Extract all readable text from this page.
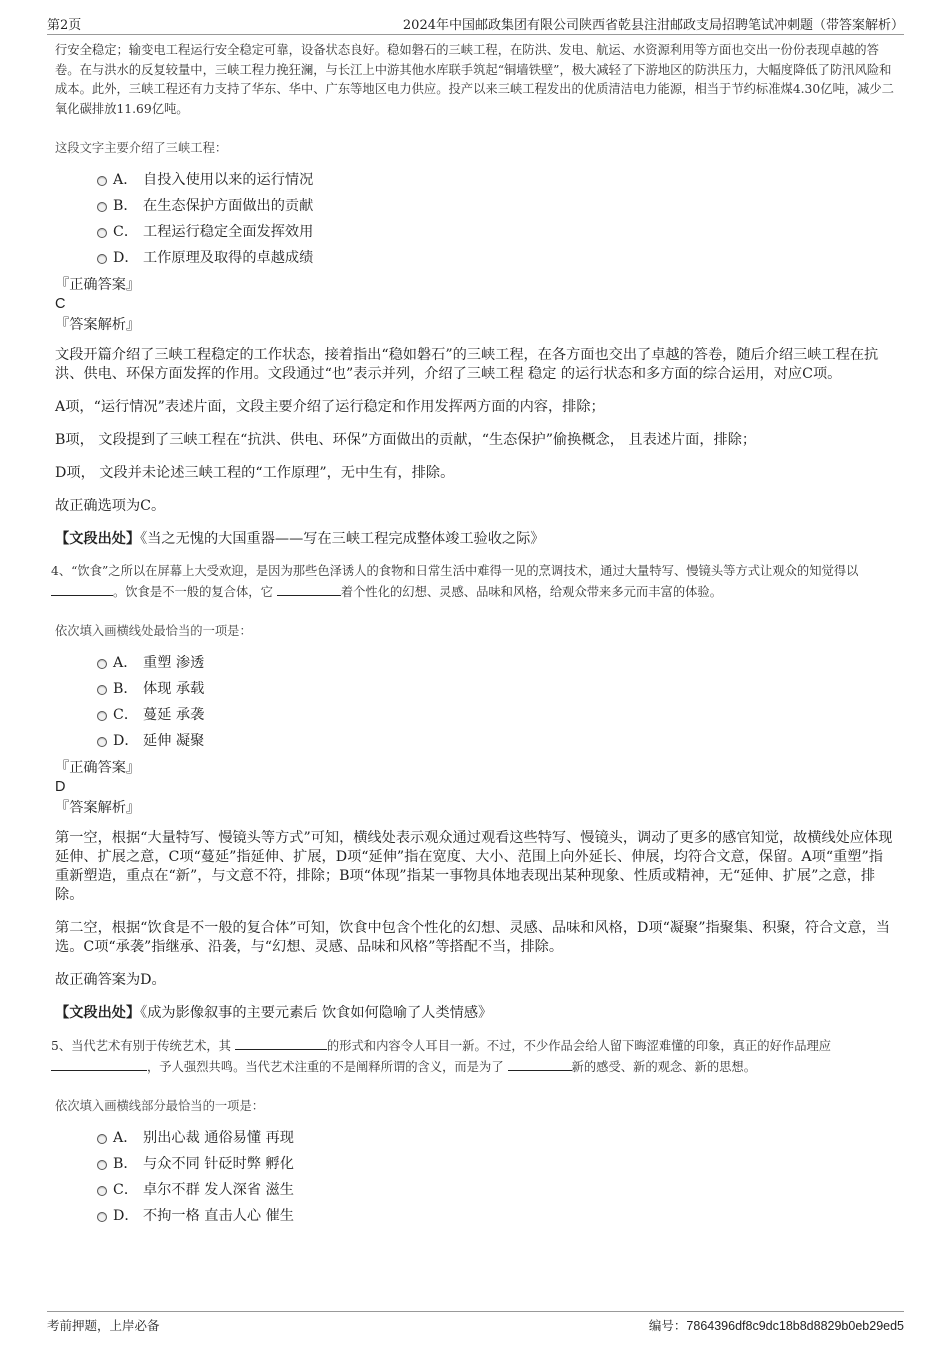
第2页	2024年中国邮政集团有限公司陕西省乾县注泔邮政支局招聘笔试冲刺题（带答案解析）

行安全稳定；输变电工程运行安全稳定可靠，设备状态良好。稳如磐石的三峡工程，在防洪、发电、航运、水资源利用等方面也交出一份份表现卓越的答卷。在与洪水的反复较量中，三峡工程力挽狂澜，与长江上中游其他水库联手筑起“铜墙铁壁”，极大减轻了下游地区的防洪压力，大幅度降低了防汛风险和成本。此外，三峡工程还有力支持了华东、华中、广东等地区电力供应。投产以来三峡工程发出的优质清洁电力能源，相当于节约标准煤4.30亿吨，减少二氧化碳排放11.69亿吨。

这段文字主要介绍了三峡工程：
A． 自投入使用以来的运行情况
B． 在生态保护方面做出的贡献
C． 工程运行稳定全面发挥效用
D． 工作原理及取得的卓越成绩
『正确答案』
C
『答案解析』

文段开篇介绍了三峡工程稳定的工作状态，接着指出“稳如磐石”的三峡工程，在各方面也交出了卓越的答卷，随后介绍三峡工程在抗洪、供电、环保方面发挥的作用。文段通过“也”表示并列，介绍了三峡工程 稳定 的运行状态和多方面的综合运用，对应C项。

A项，“运行情况”表述片面，文段主要介绍了运行稳定和作用发挥两方面的内容，排除；

B项， 文段提到了三峡工程在“抗洪、供电、环保”方面做出的贡献，“生态保护”偷换概念， 且表述片面，排除；

D项， 文段并未论述三峡工程的“工作原理”，无中生有，排除。

故正确选项为C。

【文段出处】《当之无愧的大国重器——写在三峡工程完成整体竣工验收之际》
4、“饮食”之所以在屏幕上大受欢迎，是因为那些色泽诱人的食物和日常生活中难得一见的烹调技术，通过大量特写、慢镜头等方式让观众的知觉得以 。饮食是不一般的复合体，它	着个性化的幻想、灵感、品味和风格，给观众带来多元而丰富的体验。
依次填入画横线处最恰当的一项是：
A． 重塑 渗透
B． 体现 承载
C． 蔓延 承袭
D． 延伸 凝聚
『正确答案』
D
『答案解析』

第一空，根据“大量特写、慢镜头等方式”可知，横线处表示观众通过观看这些特写、慢镜头，调动了更多的感官知觉，故横线处应体现延伸、扩展之意，C项“蔓延”指延伸、扩展，D项“延伸”指在宽度、大小、范围上向外延长、伸展，均符合文意，保留。A项“重塑”指重新塑造，重点在“新”，与文意不符，排除；B项“体现”指某一事物具体地表现出某种现象、性质或精神，无“延伸、扩展”之意，排除。

第二空，根据“饮食是不一般的复合体”可知，饮食中包含个性化的幻想、灵感、品味和风格，D项“凝聚”指聚集、积聚，符合文意，当选。C项“承袭”指继承、沿袭，与“幻想、灵感、品味和风格”等搭配不当，排除。

故正确答案为D。

【文段出处】《成为影像叙事的主要元素后 饮食如何隐喻了人类情感》
5、当代艺术有别于传统艺术，其	的形式和内容令人耳目一新。不过，不少作品会给人留下晦涩难懂的印象，真正的好作品理应 ，予人强烈共鸣。当代艺术注重的不是阐释所谓的含义，而是为了	新的感受、新的观念、新的思想。
依次填入画横线部分最恰当的一项是：
A． 别出心裁 通俗易懂 再现
B． 与众不同 针砭时弊 孵化
C． 卓尔不群 发人深省 滋生
D． 不拘一格 直击人心 催生
考前押题，上岸必备	编号：7864396df8c9dc18b8d8829b0eb29ed5
